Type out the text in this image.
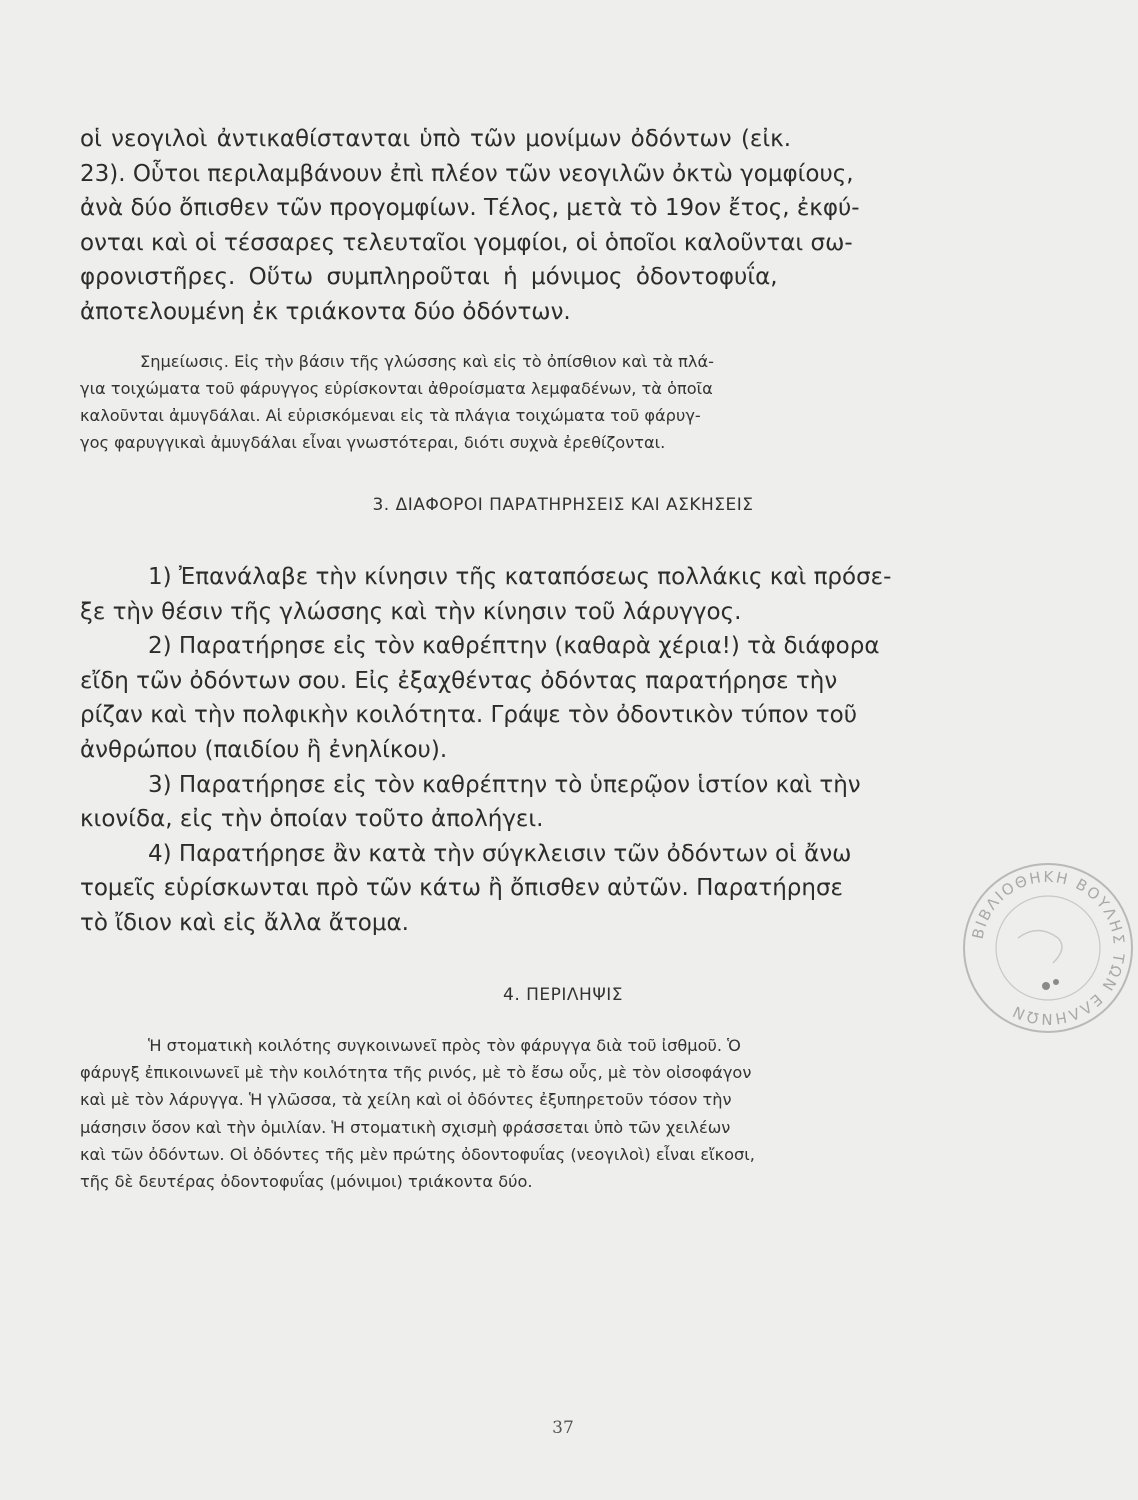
οἱ νεογιλοὶ ἀντικαθίστανται ὑπὸ τῶν μονίμων ὀδόντων (εἰκ.
23). Οὗτοι περιλαμβάνουν ἐπὶ πλέον τῶν νεογιλῶν ὀκτὼ γομφίους,
ἀνὰ δύο ὄπισθεν τῶν προγομφίων. Τέλος, μετὰ τὸ 19ον ἔτος, ἐκφύ-
ονται καὶ οἱ τέσσαρες τελευταῖοι γομφίοι, οἱ ὁποῖοι καλοῦνται σω-
φρονιστῆρες. Οὕτω συμπληροῦται ἡ μόνιμος ὀδοντοφυΐα,
ἀποτελουμένη ἐκ τριάκοντα δύο ὀδόντων.
Σημείωσις. Εἰς τὴν βάσιν τῆς γλώσσης καὶ εἰς τὸ ὀπίσθιον καὶ τὰ πλά-
για τοιχώματα τοῦ φάρυγγος εὑρίσκονται ἀθροίσματα λεμφαδένων, τὰ ὁποῖα
καλοῦνται ἀμυγδάλαι. Αἱ εὑρισκόμεναι εἰς τὰ πλάγια τοιχώματα τοῦ φάρυγ-
γος φαρυγγικαὶ ἀμυγδάλαι εἶναι γνωστότεραι, διότι συχνὰ ἐρεθίζονται.
3. ΔΙΑΦΟΡΟΙ ΠΑΡΑΤΗΡΗΣΕΙΣ ΚΑΙ ΑΣΚΗΣΕΙΣ
1) Ἐπανάλαβε τὴν κίνησιν τῆς καταπόσεως πολλάκις καὶ πρόσε-
ξε τὴν θέσιν τῆς γλώσσης καὶ τὴν κίνησιν τοῦ λάρυγγος.
2) Παρατήρησε εἰς τὸν καθρέπτην (καθαρὰ χέρια!) τὰ διάφορα
εἴδη τῶν ὀδόντων σου. Εἰς ἐξαχθέντας ὀδόντας παρατήρησε τὴν
ρίζαν καὶ τὴν πολφικὴν κοιλότητα. Γράψε τὸν ὀδοντικὸν τύπον τοῦ
ἀνθρώπου (παιδίου ἢ ἐνηλίκου).
3) Παρατήρησε εἰς τὸν καθρέπτην τὸ ὑπερῷον ἱστίον καὶ τὴν
κιονίδα, εἰς τὴν ὁποίαν τοῦτο ἀπολήγει.
4) Παρατήρησε ἂν κατὰ τὴν σύγκλεισιν τῶν ὀδόντων οἱ ἄνω
τομεῖς εὑρίσκωνται πρὸ τῶν κάτω ἢ ὄπισθεν αὐτῶν. Παρατήρησε
τὸ ἴδιον καὶ εἰς ἄλλα ἄτομα.
4. ΠΕΡΙΛΗΨΙΣ
Ἡ στοματικὴ κοιλότης συγκοινωνεῖ πρὸς τὸν φάρυγγα διὰ τοῦ ἰσθμοῦ. Ὁ
φάρυγξ ἐπικοινωνεῖ μὲ τὴν κοιλότητα τῆς ρινός, μὲ τὸ ἔσω οὖς, μὲ τὸν οἰσοφάγον
καὶ μὲ τὸν λάρυγγα. Ἡ γλῶσσα, τὰ χείλη καὶ οἱ ὀδόντες ἐξυπηρετοῦν τόσον τὴν
μάσησιν ὅσον καὶ τὴν ὁμιλίαν. Ἡ στοματικὴ σχισμὴ φράσσεται ὑπὸ τῶν χειλέων
καὶ τῶν ὀδόντων. Οἱ ὀδόντες τῆς μὲν πρώτης ὀδοντοφυΐας (νεογιλοὶ) εἶναι εἴκοσι,
τῆς δὲ δευτέρας ὀδοντοφυΐας (μόνιμοι) τριάκοντα δύο.
37
ΒΙΒΛΙΟΘΗΚΗ ΒΟΥΛΗΣ ΤΩΝ ΕΛΛΗΝΩΝ
